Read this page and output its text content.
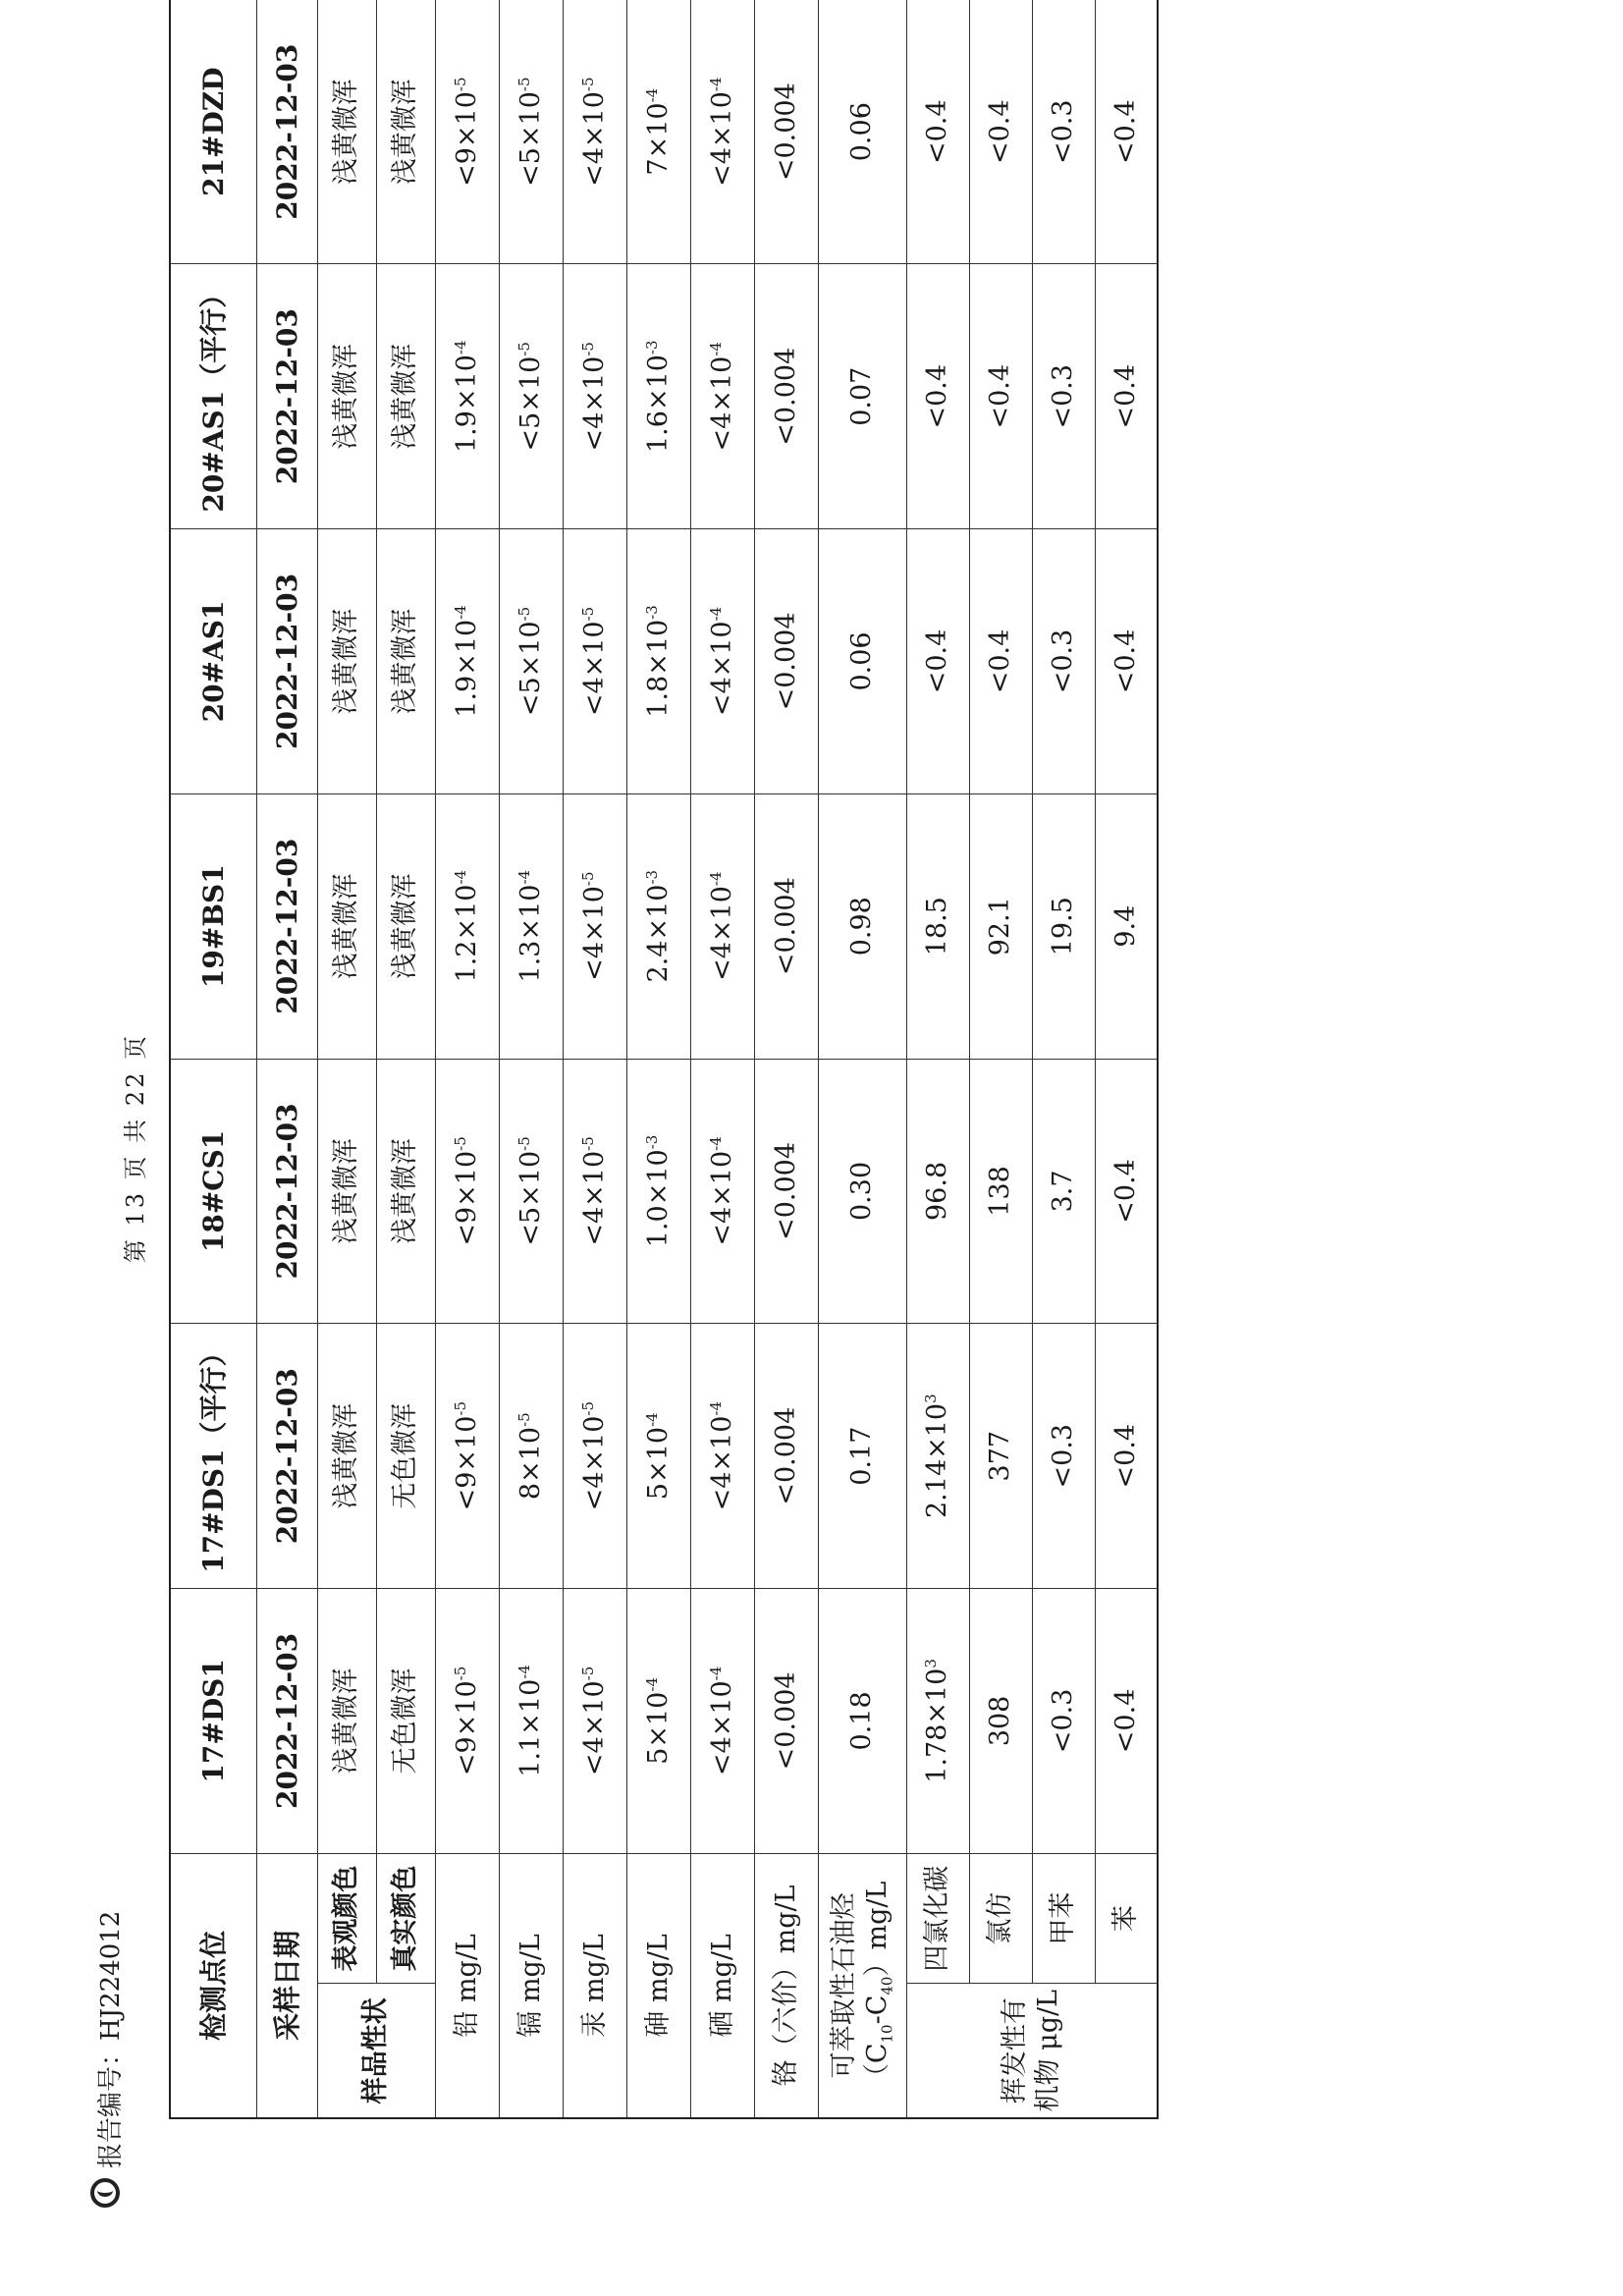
报告编号：HJ224012
第 13 页 共 22 页
检测点位		17#DS1	17#DS1（平行）	18#CS1	19#BS1	20#AS1	20#AS1（平行）	21#DZD
采样日期		2022-12-03	2022-12-03	2022-12-03	2022-12-03	2022-12-03	2022-12-03	2022-12-03
样品性状	表观颜色	浅黄微浑	浅黄微浑	浅黄微浑	浅黄微浑	浅黄微浑	浅黄微浑	浅黄微浑
	真实颜色	无色微浑	无色微浑	浅黄微浑	浅黄微浑	浅黄微浑	浅黄微浑	浅黄微浑
铅 mg/L		$<9\times 10^{-5}$	$<9\times 10^{-5}$	$<9\times 10^{-5}$	$1.2\times 10^{-4}$	$1.9\times 10^{-4}$	$1.9\times 10^{-4}$	$<9\times 10^{-5}$
镉 mg/L		$1.1\times 10^{-4}$	$8\times 10^{-5}$	$<5\times 10^{-5}$	$1.3\times 10^{-4}$	$<5\times 10^{-5}$	$<5\times 10^{-5}$	$<5\times 10^{-5}$
汞 mg/L		$<4\times 10^{-5}$	$<4\times 10^{-5}$	$<4\times 10^{-5}$	$<4\times 10^{-5}$	$<4\times 10^{-5}$	$<4\times 10^{-5}$	$<4\times 10^{-5}$
砷 mg/L		$5\times 10^{-4}$	$5\times 10^{-4}$	$1.0\times 10^{-3}$	$2.4\times 10^{-3}$	$1.8\times 10^{-3}$	$1.6\times 10^{-3}$	$7\times 10^{-4}$
硒 mg/L		$<4\times 10^{-4}$	$<4\times 10^{-4}$	$<4\times 10^{-4}$	$<4\times 10^{-4}$	$<4\times 10^{-4}$	$<4\times 10^{-4}$	$<4\times 10^{-4}$
铬（六价）mg/L		<0.004	<0.004	<0.004	<0.004	<0.004	<0.004	<0.004
可萃取性石油烃$(C_{10}-C_{40})mg/L$		0.18	0.17	0.30	0.98	0.06	0.07	0.06
挥发性有机物 μg/L	四氯化碳	$1.78\times 10^3$	$2.14\times 10^3$	96.8	18.5	<0.4	<0.4	<0.4
	氯仿	308	377	138	92.1	<0.4	<0.4	<0.4
	甲苯	<0.3	<0.3	3.7	19.5	<0.3	<0.3	<0.3
	苯	<0.4	<0.4	<0.4	9.4	<0.4	<0.4	<0.4
